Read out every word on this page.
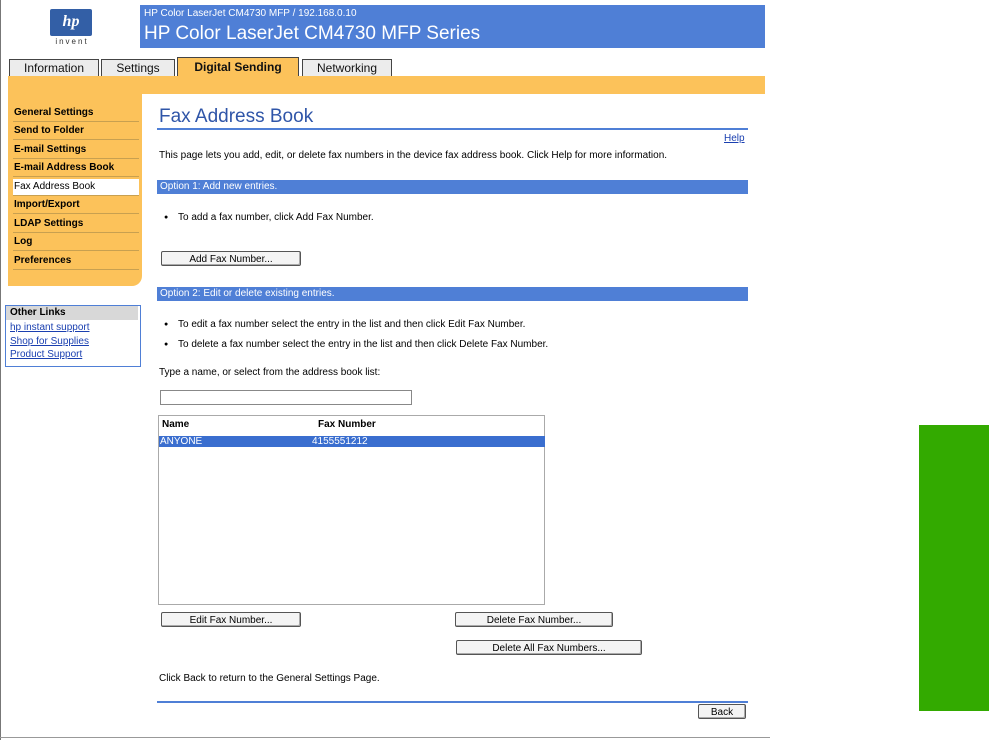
hp
invent
HP Color LaserJet CM4730 MFP / 192.168.0.10
HP Color LaserJet CM4730 MFP Series
Information	Settings	Digital Sending	Networking
General Settings
Send to Folder
E-mail Settings
E-mail Address Book
Fax Address Book
Import/Export
LDAP Settings
Log
Preferences
Other Links
hp instant support
Shop for Supplies
Product Support
Fax Address Book
Help
This page lets you add, edit, or delete fax numbers in the device fax address book. Click Help for more information.
Option 1: Add new entries.
● To add a fax number, click Add Fax Number.
Add Fax Number...
Option 2: Edit or delete existing entries.
● To edit a fax number select the entry in the list and then click Edit Fax Number.
● To delete a fax number select the entry in the list and then click Delete Fax Number.
Type a name, or select from the address book list:
Name	Fax Number
ANYONE	4155551212
Edit Fax Number...	Delete Fax Number...
Delete All Fax Numbers...
Click Back to return to the General Settings Page.
Back
